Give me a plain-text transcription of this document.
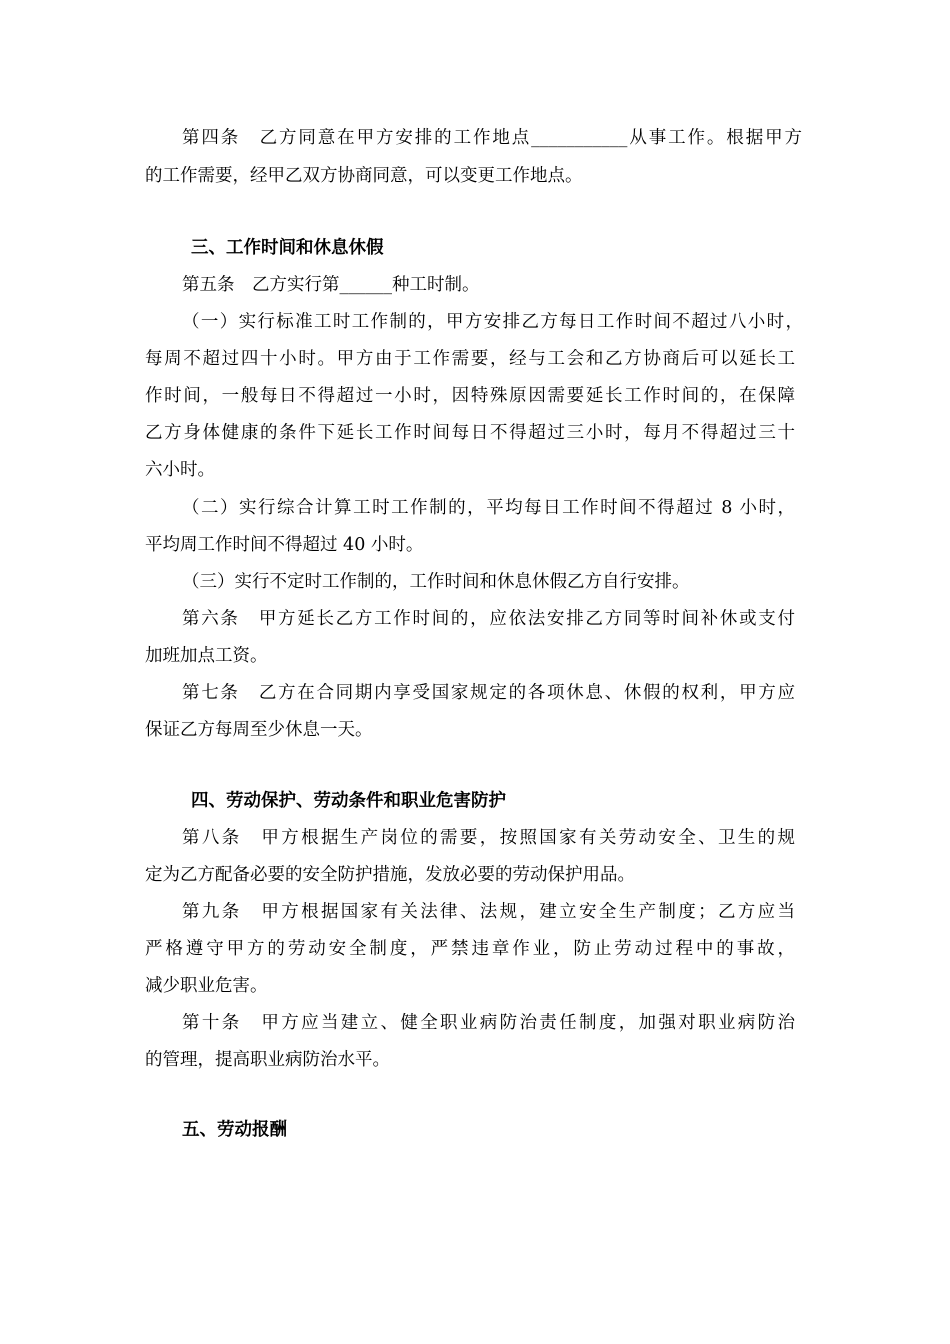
第四条　乙方同意在甲方安排的工作地点___________从事工作。根据甲方
的工作需要，经甲乙双方协商同意，可以变更工作地点。
三、工作时间和休息休假
第五条　乙方实行第______种工时制。
（一）实行标准工时工作制的，甲方安排乙方每日工作时间不超过八小时，
每周不超过四十小时。甲方由于工作需要，经与工会和乙方协商后可以延长工
作时间，一般每日不得超过一小时，因特殊原因需要延长工作时间的，在保障
乙方身体健康的条件下延长工作时间每日不得超过三小时，每月不得超过三十
六小时。
（二）实行综合计算工时工作制的，平均每日工作时间不得超过 8 小时，
平均周工作时间不得超过 40 小时。
（三）实行不定时工作制的，工作时间和休息休假乙方自行安排。
第六条　甲方延长乙方工作时间的，应依法安排乙方同等时间补休或支付
加班加点工资。
第七条　乙方在合同期内享受国家规定的各项休息、休假的权利，甲方应
保证乙方每周至少休息一天。
四、劳动保护、劳动条件和职业危害防护
第八条　甲方根据生产岗位的需要，按照国家有关劳动安全、卫生的规
定为乙方配备必要的安全防护措施，发放必要的劳动保护用品。
第九条　甲方根据国家有关法律、法规，建立安全生产制度；乙方应当
严格遵守甲方的劳动安全制度，严禁违章作业，防止劳动过程中的事故，
减少职业危害。
第十条　甲方应当建立、健全职业病防治责任制度，加强对职业病防治
的管理，提高职业病防治水平。
五、劳动报酬
